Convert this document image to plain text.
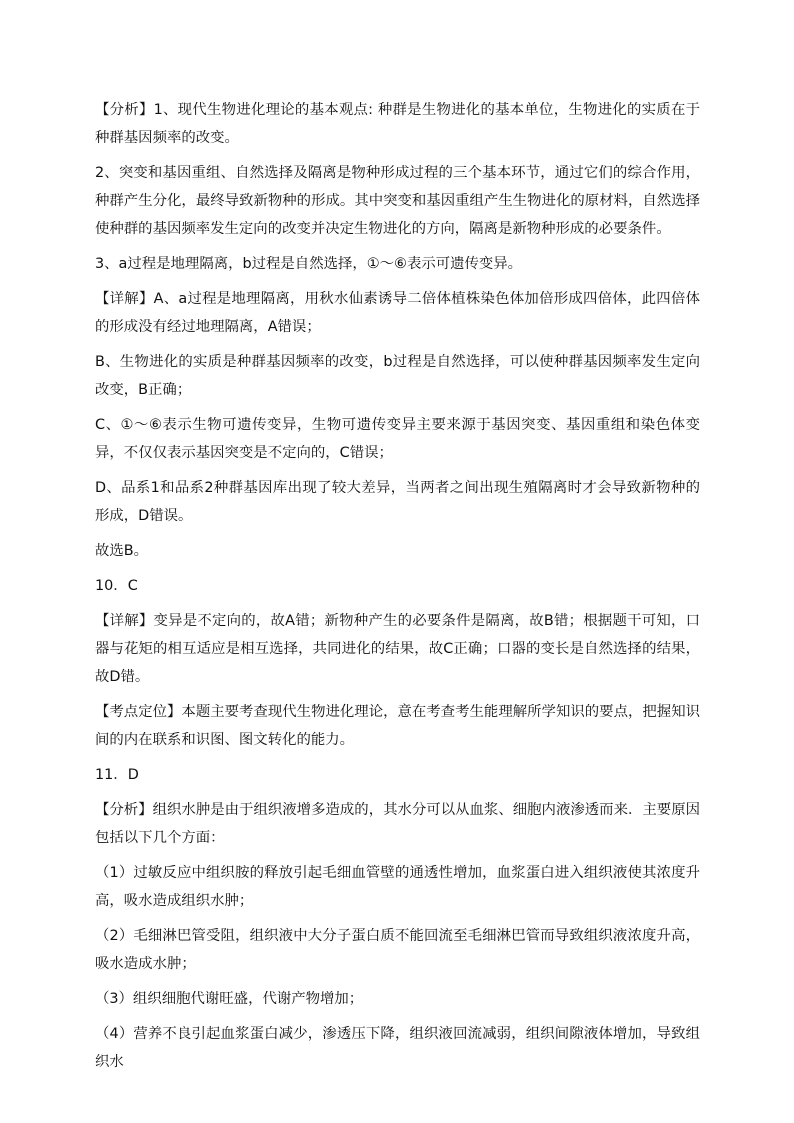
【分析】1、现代生物进化理论的基本观点: 种群是生物进化的基本单位，生物进化的实质在于种群基因频率的改变。

2、突变和基因重组、自然选择及隔离是物种形成过程的三个基本环节，通过它们的综合作用，种群产生分化，最终导致新物种的形成。其中突变和基因重组产生生物进化的原材料，自然选择使种群的基因频率发生定向的改变并决定生物进化的方向，隔离是新物种形成的必要条件。

3、a过程是地理隔离，b过程是自然选择，①～⑥表示可遗传变异。

【详解】A、a过程是地理隔离，用秋水仙素诱导二倍体植株染色体加倍形成四倍体，此四倍体的形成没有经过地理隔离，A错误；

B、生物进化的实质是种群基因频率的改变，b过程是自然选择，可以使种群基因频率发生定向改变，B正确；

C、①～⑥表示生物可遗传变异，生物可遗传变异主要来源于基因突变、基因重组和染色体变异，不仅仅表示基因突变是不定向的，C错误；

D、品系1和品系2种群基因库出现了较大差异，当两者之间出现生殖隔离时才会导致新物种的形成，D错误。

故选B。

10．C

【详解】变异是不定向的，故A错；新物种产生的必要条件是隔离，故B错；根据题干可知，口器与花矩的相互适应是相互选择，共同进化的结果，故C正确；口器的变长是自然选择的结果，故D错。

【考点定位】本题主要考查现代生物进化理论，意在考查考生能理解所学知识的要点，把握知识间的内在联系和识图、图文转化的能力。

11．D

【分析】组织水肿是由于组织液增多造成的，其水分可以从血浆、细胞内液渗透而来．主要原因包括以下几个方面：

（1）过敏反应中组织胺的释放引起毛细血管壁的通透性增加，血浆蛋白进入组织液使其浓度升高，吸水造成组织水肿；

（2）毛细淋巴管受阻，组织液中大分子蛋白质不能回流至毛细淋巴管而导致组织液浓度升高，吸水造成水肿；

（3）组织细胞代谢旺盛，代谢产物增加；

（4）营养不良引起血浆蛋白减少，渗透压下降，组织液回流减弱，组织间隙液体增加，导致组织水
